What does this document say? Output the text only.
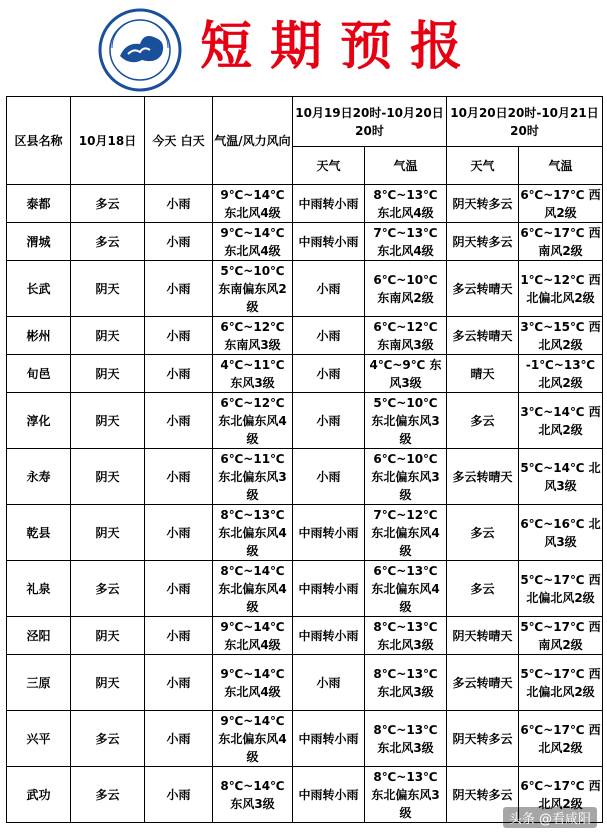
短期预报
区县名称	10月18日	今天 白天	气温/风力风向	10月19日20时-10月20日20时		10月20日20时-10月21日20时	
				天气	气温	天气	气温
泰都	多云	小雨	9℃~14℃ 东北风4级	中雨转小雨	8℃~13℃ 东北风4级	阴天转多云	6℃~17℃ 西风2级
渭城	多云	小雨	9℃~14℃ 东北风4级	中雨转小雨	7℃~13℃ 东北风4级	阴天转多云	6℃~17℃ 西南风2级
长武	阴天	小雨	5℃~10℃ 东南偏东风2级	小雨	6℃~10℃ 东南风2级	多云转晴天	1℃~12℃ 西北偏北风2级
彬州	阴天	小雨	6℃~12℃ 东南风3级	小雨	6℃~12℃ 东南风3级	多云转晴天	3℃~15℃ 西北风2级
旬邑	阴天	小雨	4℃~11℃ 东风3级	小雨	4℃~9℃ 东风3级	晴天	-1℃~13℃ 北风2级
淳化	阴天	小雨	6℃~12℃ 东北偏东风4级	小雨	5℃~10℃ 东北偏东风3级	多云	3℃~14℃ 西北风2级
永寿	阴天	小雨	6℃~11℃ 东北偏东风3级	小雨	6℃~10℃ 东北偏东风3级	多云转晴天	5℃~14℃ 北风3级
乾县	阴天	小雨	8℃~13℃ 东北偏东风4级	中雨转小雨	7℃~12℃ 东北偏东风4级	多云	6℃~16℃ 北风3级
礼泉	多云	小雨	8℃~14℃ 东北偏东风4级	中雨转小雨	6℃~13℃ 东北偏东风4级	多云	5℃~17℃ 西北偏北风2级
泾阳	阴天	小雨	9℃~14℃ 东北风4级	中雨转小雨	8℃~13℃ 东北风3级	阴天转晴天	5℃~17℃ 西南风2级
三原	阴天	小雨	9℃~14℃ 东北风4级	小雨	8℃~13℃ 东北风3级	多云转晴天	5℃~17℃ 西北偏北风2级
兴平	多云	小雨	9℃~14℃ 东北偏东风4级	中雨转小雨	8℃~13℃ 东北风3级	阴天转多云	6℃~17℃ 西北风2级
武功	多云	小雨	8℃~14℃ 东风3级	中雨转小雨	8℃~13℃ 东北偏东风3级	阴天转多云	6℃~17℃ 西北风2级
头条 @看咸阳
